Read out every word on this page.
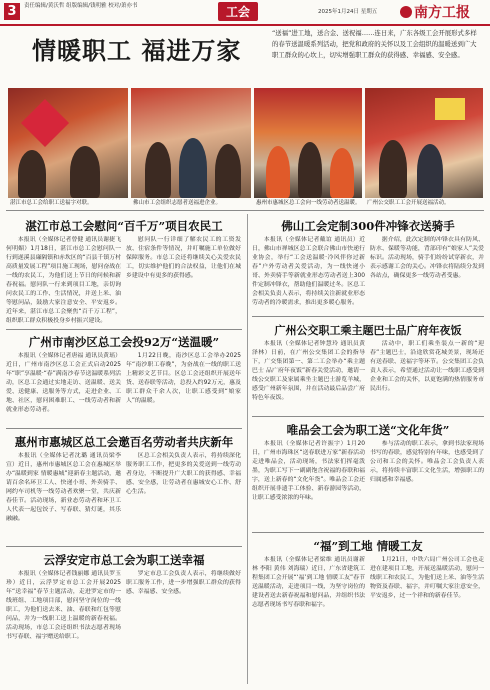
3	责任编辑/黄沃哲 组版编辑/钱明雅 校对/萧亦书	工会	2025年1月24日 星期五	南方工报
情暖职工 福进万家
“送福”进工地，送合金、送祝福……连日来，广东各级工会开展形式多样的春节送温暖系列活动，把党和政府的关怀以及工会组织的温暖送到广大职工群众的心坎上，切实增强职工群众的获得感、幸福感、安全感。
湛江市总工会给职工送福字对联。	佛山市工会组织志愿者送福进企业。	惠州市惠城区总工会向一线劳动者送温暖。 广州公交职工工会开展送福活动。
湛江市总工会慰问“百千万”项目农民工

本报讯（全媒体记者曾健 通讯员谢捷飞 何明媚）1月18日，湛江市总工会慰问队一行到遂溪县廉隔镇和赤坎区的“百县千镇万村高质量发展工程”项目施工现场，慰问奋战在一线的农民工，为他们送上节日的问候和新春祝福。慰问队一行来到项目工地，亲切询问农民工的工作、生活情况，并送上米、油等慰问品，鼓励大家注意安全、平安返乡。近年来，湛江市总工会聚焦“百千万工程”，组织职工群众积极投身乡村振兴建设。

慰问队一行详细了解农民工的工资发放、住宿条件等情况，并叮嘱施工单位做好保障服务。市总工会还将继续关心关爱农民工，切实维护他们的合法权益，让他们在城乡建设中有更多的获得感。

广州市南沙区总工会投92万“送温暖”

本报讯（全媒体记者唐福 通讯员黄瑶）近日，广州市南沙区总工会正式启动2025年“职”享温暖·“春”满南沙春节送温暖系列活动，区总工会通过实地走访、送温暖、送关爱、送健康、送服务等方式，走进企业、工地、社区，慰问困难职工、一线劳动者和新就业形态劳动者。

1月22日晚，南沙区总工会举办2025年“南沙职工春晚”，为奋战在一线的职工送上精彩文艺节目。区总工会还组织开展送年货、送春联等活动，总投入约92万元，惠及职工群众千余人次，让职工感受到“娘家人”的温暖。

惠州市惠城区总工会邀百名劳动者共庆新年

本报讯（全媒体记者沈璐 通讯员梁李宣）近日，惠州市惠城区总工会在惠城区举办“温暖到家 情暖惠城”迎新春主题活动，邀请百余名环卫工人、快递小哥、外卖骑手、网约车司机等一线劳动者欢聚一堂，共庆新春佳节。活动现场，新业态劳动者和环卫工人代表一起包饺子、写春联、猜灯谜，其乐融融。

区总工会相关负责人表示，将持续深化服务职工工作，把更多的关爱送到一线劳动者身边，不断提升广大职工的获得感、幸福感、安全感，让劳动者在惠城安心工作、舒心生活。

云浮安定市总工会为职工送幸福

本报讯（全媒体记者钱丽娜 通讯员罗玉珍）近日，云浮罗定市总工会开展2025年“送幸福”春节主题活动，走进罗定市的一线班组、工地项目部，慰问坚守岗位的一线职工，为他们送去米、油、春联和红包等慰问品，并为一线职工送上温暖的新春祝福。活动现场，市总工会还组织书法志愿者现场书写春联、福字赠送给职工。

罗定市总工会负责人表示，将继续做好职工服务工作，进一步增强职工群众的获得感、幸福感、安全感。

佛山工会定制300件冲锋衣送骑手

本报讯（全媒体记者戴谊 通讯员）近日，佛山市禅城区总工会联合佛山市快递行业协会，举行“工会送温暖·冷风伴你过新春”户外劳动者关爱活动，为一线快递小哥、外卖骑手等新就业形态劳动者送上300件定制冲锋衣，帮助他们温暖过冬。区总工会相关负责人表示，将持续关注新就业形态劳动者的冷暖需求，推出更多暖心服务。

据介绍，此次定制的冲锋衣具有防风、防水、保暖等功能，背部印有“娘家人”关爱标识。活动现场，骑手们纷纷试穿新衣，并表示感谢工会的关心。冲锋衣将陆续分发到各站点，确保更多一线劳动者受惠。

广州公交职工乘主题巴士品广府年夜饭

本报讯（全媒体记者钟慧玲 通讯员黄泽林）日前，在广州公交集团工会的指导下，广交集团第一、第二工会举办“乘主题巴士 品广府年夜饭”新春关爱活动，邀请一线公交职工及家属乘坐主题巴士游览羊城，感受广州新年氛围，并在活动最后品尝广府特色年夜饭。

活动中，职工们乘坐装点一新的“迎春”主题巴士，沿途欣赏花城美景，现场还有送春联、送福字等环节。公交集团工会负责人表示，希望通过活动让一线职工感受到企业和工会的关怀，以更饱满的热情服务市民出行。

唯品会工会为职工送“文化年货”

本报讯（全媒体记者许振宇）1月20日，广州市海珠区“送春联进万家”新春活动走进唯品会，活动现场，书法家们挥毫泼墨，为职工写下一副副饱含祝福的春联和福字，送上新春的“文化年货”。唯品会工会还组织开展非遗手工体验、新春游园等活动，让职工感受浓浓的年味。

参与活动的职工表示，拿到书法家现场书写的春联，感觉特别有年味，也感受到了公司和工会的关怀。唯品会工会负责人表示，将持续丰富职工文化生活，增强职工的归属感和幸福感。

“福”到工地 情暖工友

本报讯（全媒体记者梁维 通讯员谢新林 李阳 黄伟 刘海瑞）近日，广东省建筑工程集团工会开展“‘福’到工地 情暖工友”春节送温暖活动，走进项目一线，为坚守岗位的建设者送去新春祝福和慰问品，并组织书法志愿者现场书写春联和福字。

1月21日，中铁六局广州公司工会也走进在建项目工地，开展送温暖活动，慰问一线职工和农民工，为他们送上米、油等生活物资及春联、福字，并叮嘱大家注意安全，平安返乡，过一个祥和的新春佳节。
